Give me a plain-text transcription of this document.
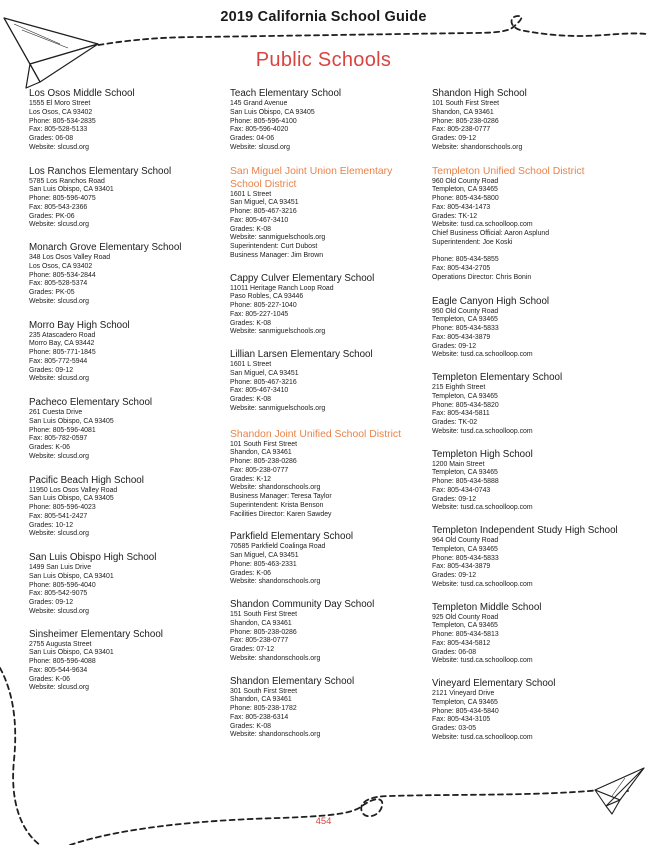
2019 California School Guide
Public Schools
Los Osos Middle School
1555 El Moro Street
Los Osos, CA 93402
Phone: 805-534-2835
Fax: 805-528-5133
Grades: 06-08
Website: slcusd.org
Los Ranchos Elementary School
5785 Los Ranchos Road
San Luis Obispo, CA 93401
Phone: 805-596-4075
Fax: 805-543-2366
Grades: PK-06
Website: slcusd.org
Monarch Grove Elementary School
348 Los Osos Valley Road
Los Osos, CA 93402
Phone: 805-534-2844
Fax: 805-528-5374
Grades: PK-05
Website: slcusd.org
Morro Bay High School
235 Atascadero Road
Morro Bay, CA 93442
Phone: 805-771-1845
Fax: 805-772-5944
Grades: 09-12
Website: slcusd.org
Pacheco Elementary School
261 Cuesta Drive
San Luis Obispo, CA 93405
Phone: 805-596-4081
Fax: 805-782-0597
Grades: K-06
Website: slcusd.org
Pacific Beach High School
11950 Los Osos Valley Road
San Luis Obispo, CA 93405
Phone: 805-596-4023
Fax: 805-541-2427
Grades: 10-12
Website: slcusd.org
San Luis Obispo High School
1499 San Luis Drive
San Luis Obispo, CA 93401
Phone: 805-596-4040
Fax: 805-542-9075
Grades: 09-12
Website: slcusd.org
Sinsheimer Elementary School
2755 Augusta Street
San Luis Obispo, CA 93401
Phone: 805-596-4088
Fax: 805-544-9634
Grades: K-06
Website: slcusd.org
Teach Elementary School
145 Grand Avenue
San Luis Obispo, CA 93405
Phone: 805-596-4100
Fax: 805-596-4020
Grades: 04-06
Website: slcusd.org
San Miguel Joint Union Elementary School District
1601 L Street
San Miguel, CA 93451
Phone: 805-467-3216
Fax: 805-467-3410
Grades: K-08
Website: sanmiguelschools.org
Superintendent: Curt Dubost
Business Manager: Jim Brown
Cappy Culver Elementary School
11011 Heritage Ranch Loop Road
Paso Robles, CA 93446
Phone: 805-227-1040
Fax: 805-227-1045
Grades: K-08
Website: sanmiguelschools.org
Lillian Larsen Elementary School
1601 L Street
San Miguel, CA 93451
Phone: 805-467-3216
Fax: 805-467-3410
Grades: K-08
Website: sanmiguelschools.org
Shandon Joint Unified School District
101 South First Street
Shandon, CA 93461
Phone: 805-238-0286
Fax: 805-238-0777
Grades: K-12
Website: shandonschools.org
Business Manager: Teresa Taylor
Superintendent: Krista Benson
Facilities Director: Karen Sawdey
Parkfield Elementary School
70585 Parkfield Coalinga Road
San Miguel, CA 93451
Phone: 805-463-2331
Grades: K-06
Website: shandonschools.org
Shandon Community Day School
151 South First Street
Shandon, CA 93461
Phone: 805-238-0286
Fax: 805-238-0777
Grades: 07-12
Website: shandonschools.org
Shandon Elementary School
301 South First Street
Shandon, CA 93461
Phone: 805-238-1782
Fax: 805-238-6314
Grades: K-08
Website: shandonschools.org
Shandon High School
101 South First Street
Shandon, CA 93461
Phone: 805-238-0286
Fax: 805-238-0777
Grades: 09-12
Website: shandonschools.org
Templeton Unified School District
960 Old County Road
Templeton, CA 93465
Phone: 805-434-5800
Fax: 805-434-1473
Grades: TK-12
Website: tusd.ca.schoolloop.com
Chief Business Official: Aaron Asplund
Superintendent: Joe Koski
Phone: 805-434-5855
Fax: 805-434-2705
Operations Director: Chris Bonin
Eagle Canyon High School
950 Old County Road
Templeton, CA 93465
Phone: 805-434-5833
Fax: 805-434-3879
Grades: 09-12
Website: tusd.ca.schoolloop.com
Templeton Elementary School
215 Eighth Street
Templeton, CA 93465
Phone: 805-434-5820
Fax: 805-434-5811
Grades: TK-02
Website: tusd.ca.schoolloop.com
Templeton High School
1200 Main Street
Templeton, CA 93465
Phone: 805-434-5888
Fax: 805-434-0743
Grades: 09-12
Website: tusd.ca.schoolloop.com
Templeton Independent Study High School
964 Old County Road
Templeton, CA 93465
Phone: 805-434-5833
Fax: 805-434-3879
Grades: 09-12
Website: tusd.ca.schoolloop.com
Templeton Middle School
925 Old County Road
Templeton, CA 93465
Phone: 805-434-5813
Fax: 805-434-5812
Grades: 06-08
Website: tusd.ca.schoolloop.com
Vineyard Elementary School
2121 Vineyard Drive
Templeton, CA 93465
Phone: 805-434-5840
Fax: 805-434-3105
Grades: 03-05
Website: tusd.ca.schoolloop.com
454
